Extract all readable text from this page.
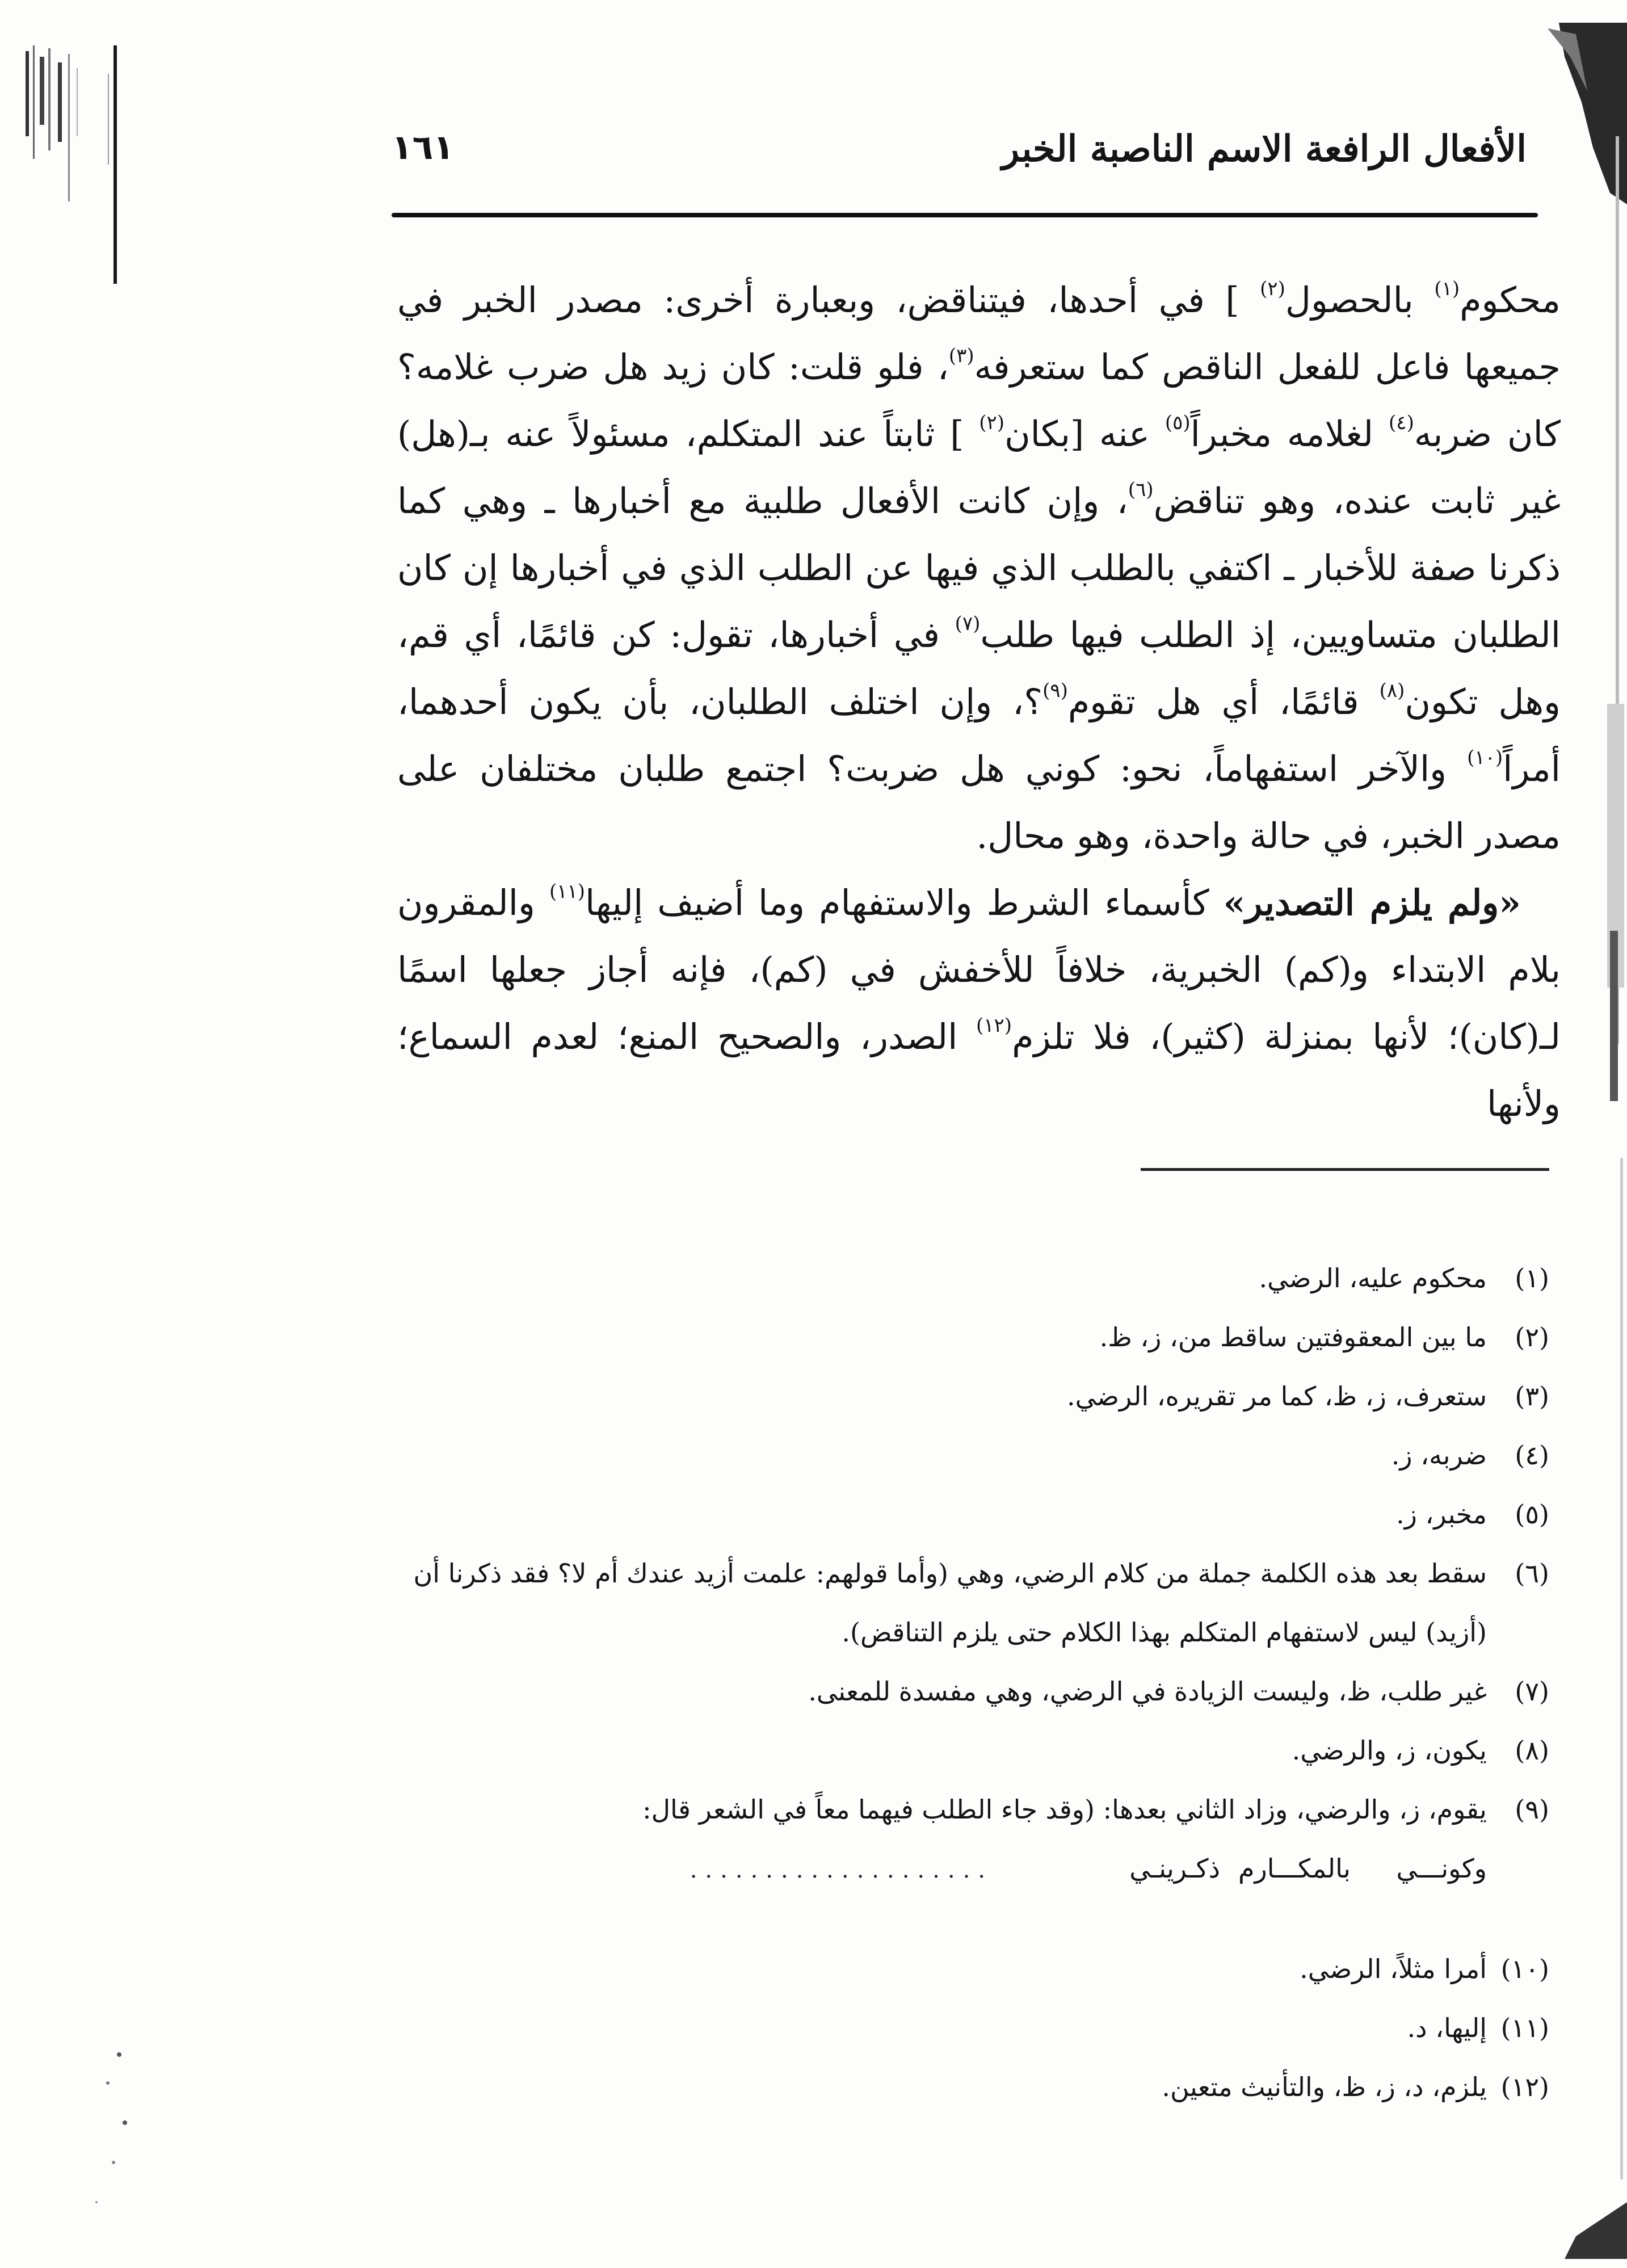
١٦١	الأفعال الرافعة الاسم الناصبة الخبر

محكوم$^{(١)}$ بالحصول$^{(٢)}$ ] في أحدها، فيتناقض، وبعبارة أخرى: مصدر الخبر في جميعها فاعل للفعل الناقص كما ستعرفه$^{(٣)}$، فلو قلت: كان زيد هل ضرب غلامه؟ كان ضربه$^{(٤)}$ لغلامه مخبراً$^{(٥)}$ عنه [بكان$^{(٢)}$ ] ثابتاً عند المتكلم، مسئولاً عنه بـ(هل) غير ثابت عنده، وهو تناقض$^{(٦)}$، وإن كانت الأفعال طلبية مع أخبارها ـ وهي كما ذكرنا صفة للأخبار ـ اكتفي بالطلب الذي فيها عن الطلب الذي في أخبارها إن كان الطلبان متساويين، إذ الطلب فيها طلب$^{(٧)}$ في أخبارها، تقول: كن قائمًا، أي قم، وهل تكون$^{(٨)}$ قائمًا، أي هل تقوم$^{(٩)}$؟، وإن اختلف الطلبان، بأن يكون أحدهما، أمراً$^{(١٠)}$ والآخر استفهاماً، نحو: كوني هل ضربت؟ اجتمع طلبان مختلفان على مصدر الخبر، في حالة واحدة، وهو محال.

«ولم يلزم التصدير» كأسماء الشرط والاستفهام وما أضيف إليها$^{(١١)}$ والمقرون بلام الابتداء و(كم) الخبرية، خلافاً للأخفش في (كم)، فإنه أجاز جعلها اسمًا لـ(كان)؛ لأنها بمنزلة (كثير)، فلا تلزم$^{(١٢)}$ الصدر، والصحيح المنع؛ لعدم السماع؛ ولأنها

(١)
محكوم عليه، الرضي.
(٢)
ما بين المعقوفتين ساقط من، ز، ظ.
(٣)
ستعرف، ز، ظ، كما مر تقريره، الرضي.
(٤)
ضربه، ز.
(٥)
مخبر، ز.
(٦)
سقط بعد هذه الكلمة جملة من كلام الرضي، وهي (وأما قولهم: علمت أزيد عندك أم لا؟ فقد ذكرنا أن (أزيد) ليس لاستفهام المتكلم بهذا الكلام حتى يلزم التناقض).
(٧)
غير طلب، ظ، وليست الزيادة في الرضي، وهي مفسدة للمعنى.
(٨)
يكون، ز، والرضي.
(٩)
يقوم، ز، والرضي، وزاد الثاني بعدها: (وقد جاء الطلب فيهما معاً في الشعر قال:
وكونـــي
بالمكـــارم
ذكـرينـي
....................
(١٠)
أمرا مثلاً، الرضي.
(١١)
إليها، د.
(١٢)
يلزم، د، ز، ظ، والتأنيث متعين.
